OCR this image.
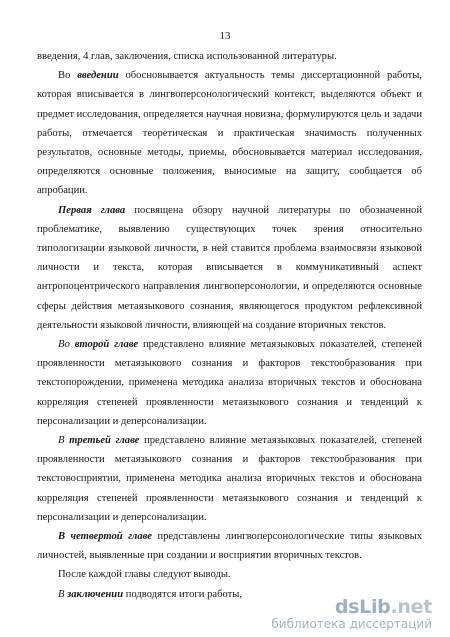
13

введения, 4 глав, заключения, списка использованной литературы.

Во введении обосновывается актуальность темы диссертационной работы, которая вписывается в лингвоперсонологический контекст, выделяются объект и предмет исследования, определяется научная новизна, формулируются цель и задачи работы, отмечается теоретическая и практическая значимость полученных результатов, основные методы, приемы, обосновывается материал исследования, определяются основные положения, выносимые на защиту, сообщается об апробации.

Первая глава посвящена обзору научной литературы по обозначенной проблематике, выявлению существующих точек зрения относительно типологизации языковой личности, в ней ставится проблема взаимосвязи языковой личности и текста, которая вписывается в коммуникативный аспект антропоцентрического направления лингвоперсонологии, и определяются основные сферы действия метаязыкового сознания, являющегося продуктом рефлексивной деятельности языковой личности, влияющей на создание вторичных текстов.

Во второй главе представлено влияние метаязыковых показателей, степеней проявленности метаязыкового сознания и факторов текстообразования при текстопорождении, применена методика анализа вторичных текстов и обоснована корреляция степеней проявленности метаязыкового сознания и тенденций к персонализации и деперсонализации.

В третьей главе представлено влияние метаязыковых показателей, степеней проявленности метаязыкового сознания и факторов текстообразования при текстовосприятии, применена методика анализа вторичных текстов и обоснована корреляция степеней проявленности метаязыкового сознания и тенденций к персонализации и деперсонализации.

В четвертой главе представлены лингвоперсонологические типы языковых личностей, выявленные при создании и восприятии вторичных текстов.

После каждой главы следуют выводы.

В заключении подводятся итоги работы,

dsLib.net
библиотека диссертаций
